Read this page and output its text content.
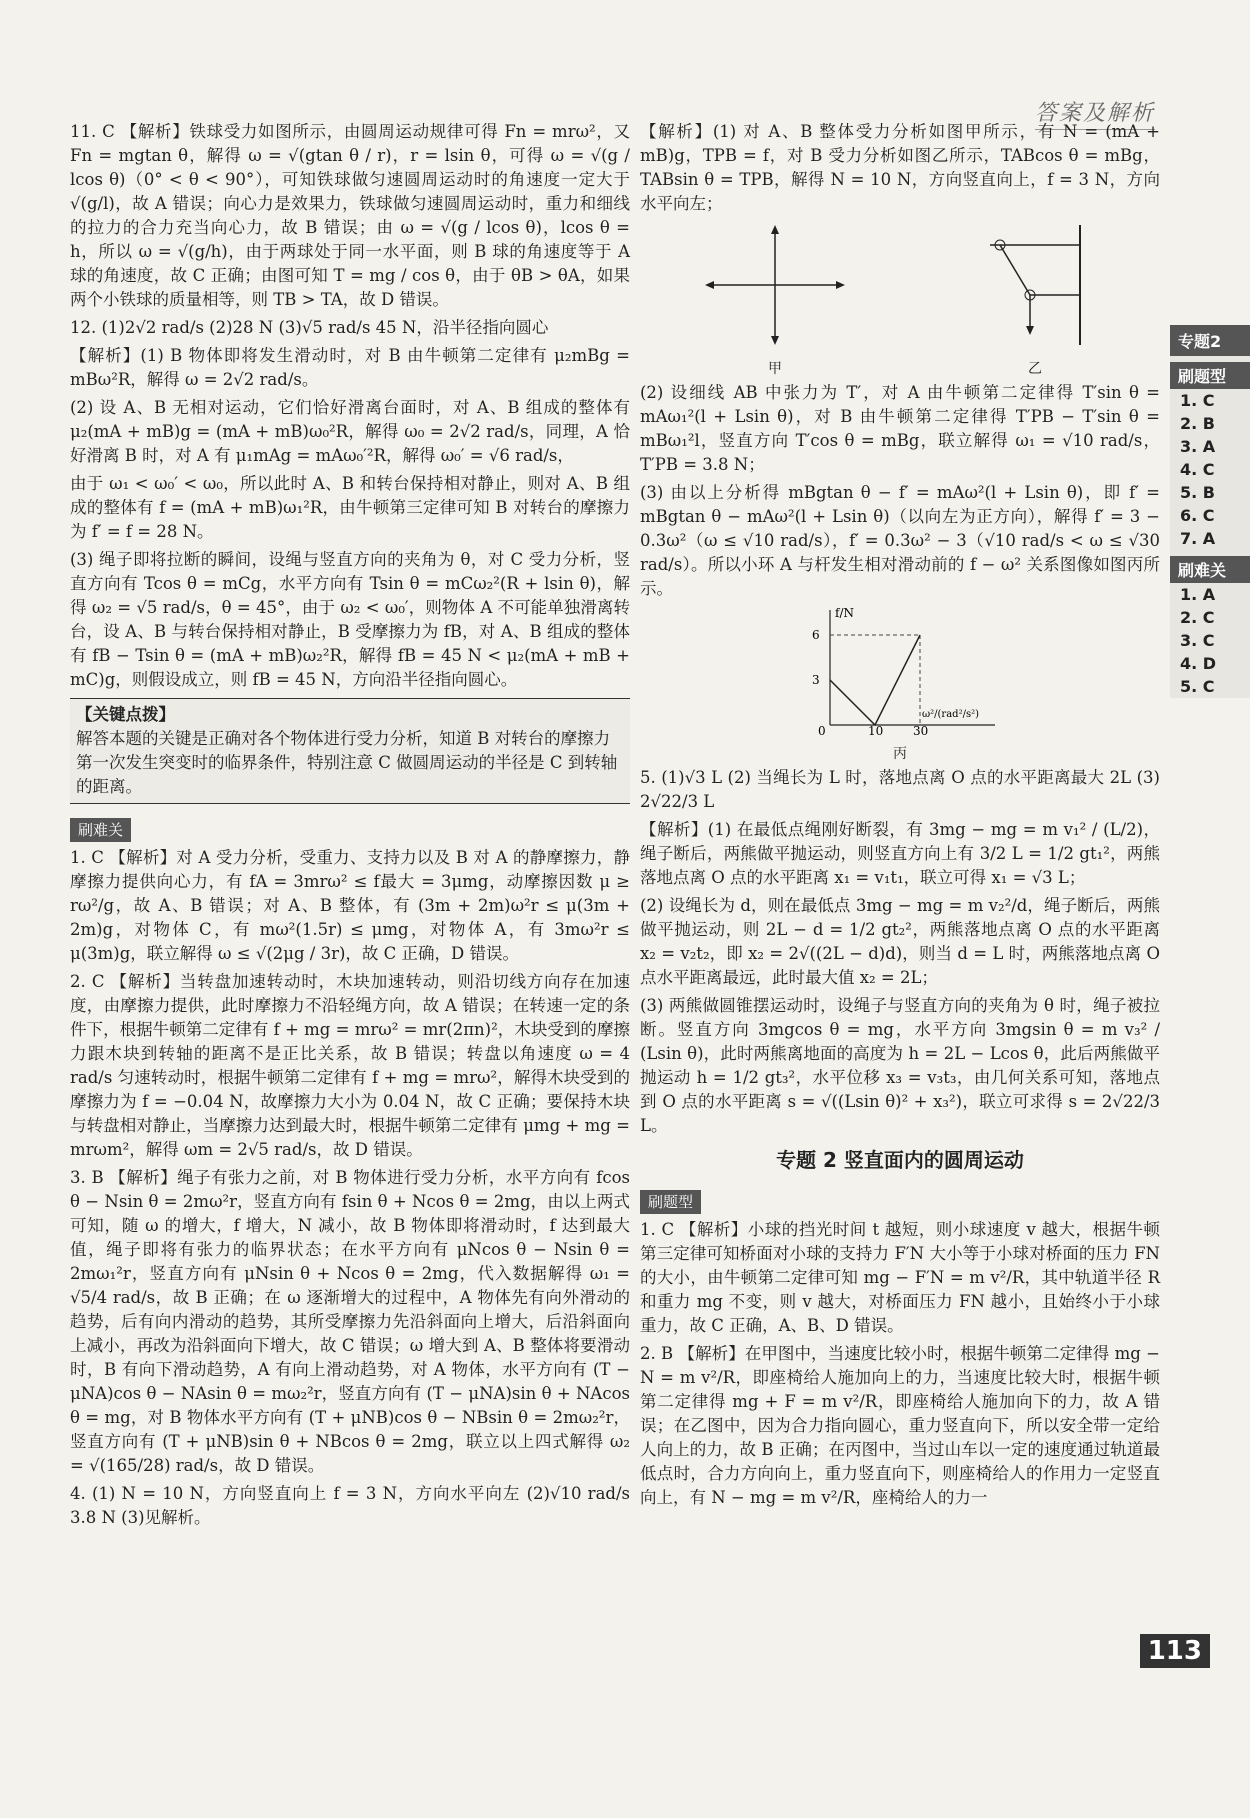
答案及解析

11. C 【解析】铁球受力如图所示，由圆周运动规律可得 Fn = mrω²，又 Fn = mgtan θ，解得 ω = √(gtan θ / r)，r = lsin θ，可得 ω = √(g / lcos θ)（0° < θ < 90°），可知铁球做匀速圆周运动时的角速度一定大于√(g/l)，故 A 错误；向心力是效果力，铁球做匀速圆周运动时，重力和细线的拉力的合力充当向心力，故 B 错误；由 ω = √(g / lcos θ)，lcos θ = h，所以 ω = √(g/h)，由于两球处于同一水平面，则 B 球的角速度等于 A 球的角速度，故 C 正确；由图可知 T = mg / cos θ，由于 θB > θA，如果两个小铁球的质量相等，则 TB > TA，故 D 错误。

12. (1)2√2 rad/s (2)28 N (3)√5 rad/s 45 N，沿半径指向圆心

【解析】(1) B 物体即将发生滑动时，对 B 由牛顿第二定律有 μ₂mBg = mBω²R，解得 ω = 2√2 rad/s。

(2) 设 A、B 无相对运动，它们恰好滑离台面时，对 A、B 组成的整体有 μ₂(mA + mB)g = (mA + mB)ω₀²R，解得 ω₀ = 2√2 rad/s，同理，A 恰好滑离 B 时，对 A 有 μ₁mAg = mAω₀′²R，解得 ω₀′ = √6 rad/s，

由于 ω₁ < ω₀′ < ω₀，所以此时 A、B 和转台保持相对静止，则对 A、B 组成的整体有 f = (mA + mB)ω₁²R，由牛顿第三定律可知 B 对转台的摩擦力为 f′ = f = 28 N。

(3) 绳子即将拉断的瞬间，设绳与竖直方向的夹角为 θ，对 C 受力分析，竖直方向有 Tcos θ = mCg，水平方向有 Tsin θ = mCω₂²(R + lsin θ)，解得 ω₂ = √5 rad/s，θ = 45°，由于 ω₂ < ω₀′，则物体 A 不可能单独滑离转台，设 A、B 与转台保持相对静止，B 受摩擦力为 fB，对 A、B 组成的整体有 fB − Tsin θ = (mA + mB)ω₂²R，解得 fB = 45 N < μ₂(mA + mB + mC)g，则假设成立，则 fB = 45 N，方向沿半径指向圆心。

【关键点拨】
解答本题的关键是正确对各个物体进行受力分析，知道 B 对转台的摩擦力第一次发生突变时的临界条件，特别注意 C 做圆周运动的半径是 C 到转轴的距离。
刷难关

1. C 【解析】对 A 受力分析，受重力、支持力以及 B 对 A 的静摩擦力，静摩擦力提供向心力，有 fA = 3mrω² ≤ f最大 = 3μmg，动摩擦因数 μ ≥ rω²/g，故 A、B 错误；对 A、B 整体，有 (3m + 2m)ω²r ≤ μ(3m + 2m)g，对物体 C，有 mω²(1.5r) ≤ μmg，对物体 A，有 3mω²r ≤ μ(3m)g，联立解得 ω ≤ √(2μg / 3r)，故 C 正确，D 错误。

2. C 【解析】当转盘加速转动时，木块加速转动，则沿切线方向存在加速度，由摩擦力提供，此时摩擦力不沿轻绳方向，故 A 错误；在转速一定的条件下，根据牛顿第二定律有 f + mg = mrω² = mr(2πn)²，木块受到的摩擦力跟木块到转轴的距离不是正比关系，故 B 错误；转盘以角速度 ω = 4 rad/s 匀速转动时，根据牛顿第二定律有 f + mg = mrω²，解得木块受到的摩擦力为 f = −0.04 N，故摩擦力大小为 0.04 N，故 C 正确；要保持木块与转盘相对静止，当摩擦力达到最大时，根据牛顿第二定律有 μmg + mg = mrωm²，解得 ωm = 2√5 rad/s，故 D 错误。

3. B 【解析】绳子有张力之前，对 B 物体进行受力分析，水平方向有 fcos θ − Nsin θ = 2mω²r，竖直方向有 fsin θ + Ncos θ = 2mg，由以上两式可知，随 ω 的增大，f 增大，N 减小，故 B 物体即将滑动时，f 达到最大值，绳子即将有张力的临界状态；在水平方向有 μNcos θ − Nsin θ = 2mω₁²r，竖直方向有 μNsin θ + Ncos θ = 2mg，代入数据解得 ω₁ = √5/4 rad/s，故 B 正确；在 ω 逐渐增大的过程中，A 物体先有向外滑动的趋势，后有向内滑动的趋势，其所受摩擦力先沿斜面向上增大，后沿斜面向上减小，再改为沿斜面向下增大，故 C 错误；ω 增大到 A、B 整体将要滑动时，B 有向下滑动趋势，A 有向上滑动趋势，对 A 物体，水平方向有 (T − μNA)cos θ − NAsin θ = mω₂²r，竖直方向有 (T − μNA)sin θ + NAcos θ = mg，对 B 物体水平方向有 (T + μNB)cos θ − NBsin θ = 2mω₂²r，竖直方向有 (T + μNB)sin θ + NBcos θ = 2mg，联立以上四式解得 ω₂ = √(165/28) rad/s，故 D 错误。

4. (1) N = 10 N，方向竖直向上 f = 3 N，方向水平向左 (2)√10 rad/s 3.8 N (3)见解析。

【解析】(1) 对 A、B 整体受力分析如图甲所示，有 N = (mA + mB)g，TPB = f，对 B 受力分析如图乙所示，TABcos θ = mBg，TABsin θ = TPB，解得 N = 10 N，方向竖直向上，f = 3 N，方向水平向左；

甲	乙

(2) 设细线 AB 中张力为 T′，对 A 由牛顿第二定律得 T′sin θ = mAω₁²(l + Lsin θ)，对 B 由牛顿第二定律得 T′PB − T′sin θ = mBω₁²l，竖直方向 T′cos θ = mBg，联立解得 ω₁ = √10 rad/s，T′PB = 3.8 N；

(3) 由以上分析得 mBgtan θ − f′ = mAω²(l + Lsin θ)，即 f′ = mBgtan θ − mAω²(l + Lsin θ)（以向左为正方向），解得 f′ = 3 − 0.3ω²（ω ≤ √10 rad/s），f′ = 0.3ω² − 3（√10 rad/s < ω ≤ √30 rad/s）。所以小环 A 与杆发生相对滑动前的 f − ω² 关系图像如图丙所示。

f/N
6
3
0	10 30
ω²/(rad²/s²)
丙

5. (1)√3 L (2) 当绳长为 L 时，落地点离 O 点的水平距离最大 2L (3) 2√22/3 L

【解析】(1) 在最低点绳刚好断裂，有 3mg − mg = m v₁² / (L/2)，绳子断后，两熊做平抛运动，则竖直方向上有 3/2 L = 1/2 gt₁²，两熊落地点离 O 点的水平距离 x₁ = v₁t₁，联立可得 x₁ = √3 L；

(2) 设绳长为 d，则在最低点 3mg − mg = m v₂²/d，绳子断后，两熊做平抛运动，则 2L − d = 1/2 gt₂²，两熊落地点离 O 点的水平距离 x₂ = v₂t₂，即 x₂ = 2√((2L − d)d)，则当 d = L 时，两熊落地点离 O 点水平距离最远，此时最大值 x₂ = 2L；

(3) 两熊做圆锥摆运动时，设绳子与竖直方向的夹角为 θ 时，绳子被拉断。竖直方向 3mgcos θ = mg，水平方向 3mgsin θ = m v₃² / (Lsin θ)，此时两熊离地面的高度为 h = 2L − Lcos θ，此后两熊做平抛运动 h = 1/2 gt₃²，水平位移 x₃ = v₃t₃，由几何关系可知，落地点到 O 点的水平距离 s = √((Lsin θ)² + x₃²)，联立可求得 s = 2√22/3 L。

专题 2 竖直面内的圆周运动
刷题型

1. C 【解析】小球的挡光时间 t 越短，则小球速度 v 越大，根据牛顿第三定律可知桥面对小球的支持力 F′N 大小等于小球对桥面的压力 FN 的大小，由牛顿第二定律可知 mg − F′N = m v²/R，其中轨道半径 R 和重力 mg 不变，则 v 越大，对桥面压力 FN 越小，且始终小于小球重力，故 C 正确，A、B、D 错误。

2. B 【解析】在甲图中，当速度比较小时，根据牛顿第二定律得 mg − N = m v²/R，即座椅给人施加向上的力，当速度比较大时，根据牛顿第二定律得 mg + F = m v²/R，即座椅给人施加向下的力，故 A 错误；在乙图中，因为合力指向圆心，重力竖直向下，所以安全带一定给人向上的力，故 B 正确；在丙图中，当过山车以一定的速度通过轨道最低点时，合力方向向上，重力竖直向下，则座椅给人的作用力一定竖直向上，有 N − mg = m v²/R，座椅给人的力一

专题2
刷题型
1. C
2. B
3. A
4. C
5. B
6. C
7. A
刷难关
1. A
2. C
3. C
4. D
5. C
113
